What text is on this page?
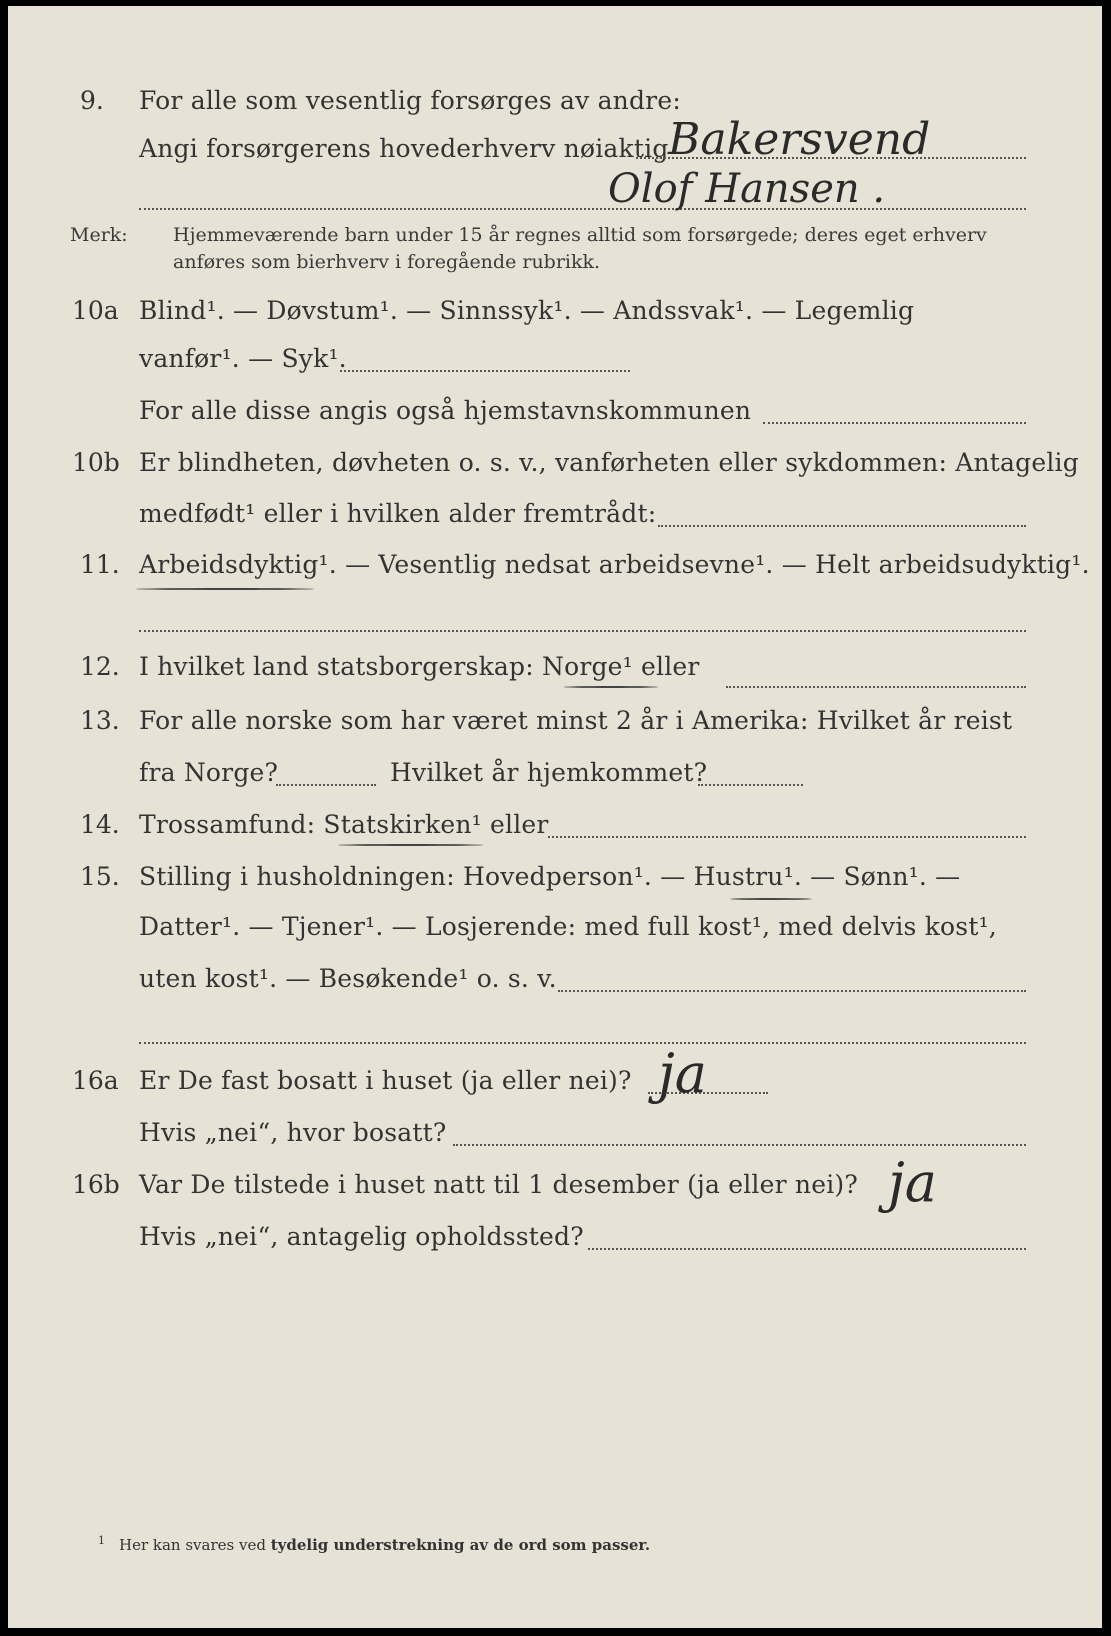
9. For alle som vesentlig forsørges av andre:
Angi forsørgerens hovederhverv nøiaktig Bakersvend
Olof Hansen .
Merk: Hjemmeværende barn under 15 år regnes alltid som forsørgede; deres eget erhverv
anføres som bierhverv i foregående rubrikk.
10a Blind¹. — Døvstum¹. — Sinnssyk¹. — Andssvak¹. — Legemlig
vanfør¹. — Syk¹.
For alle disse angis også hjemstavnskommunen
10b Er blindheten, døvheten o. s. v., vanførheten eller sykdommen: Antagelig
medfødt¹ eller i hvilken alder fremtrådt:
11. Arbeidsdyktig¹. — Vesentlig nedsat arbeidsevne¹. — Helt arbeidsudyktig¹.
12. I hvilket land statsborgerskap: Norge¹ eller
13. For alle norske som har været minst 2 år i Amerika: Hvilket år reist
fra Norge?	Hvilket år hjemkommet?
14. Trossamfund: Statskirken¹ eller
15. Stilling i husholdningen: Hovedperson¹. — Hustru¹. — Sønn¹. —
Datter¹. — Tjener¹. — Losjerende: med full kost¹, med delvis kost¹,
uten kost¹. — Besøkende¹ o. s. v.
16a Er De fast bosatt i huset (ja eller nei)? ja
Hvis „nei“, hvor bosatt?
16b Var De tilstede i huset natt til 1 desember (ja eller nei)? ja
Hvis „nei“, antagelig opholdssted?
$^1$ Her kan svares ved tydelig understrekning av de ord som passer.
